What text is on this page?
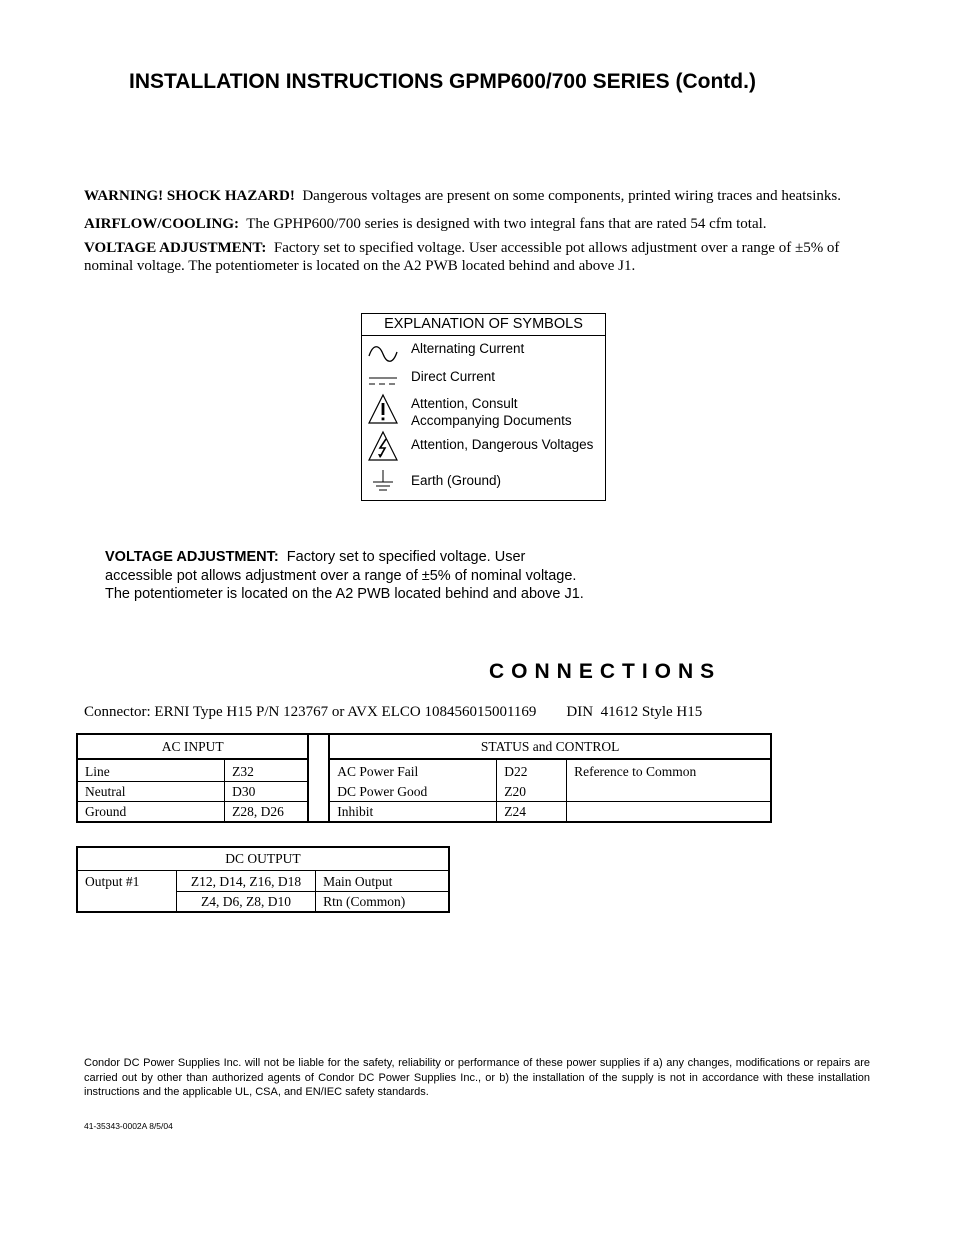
INSTALLATION INSTRUCTIONS GPMP600/700 SERIES (Contd.)
WARNING! SHOCK HAZARD! Dangerous voltages are present on some components, printed wiring traces and heatsinks.
AIRFLOW/COOLING: The GPHP600/700 series is designed with two integral fans that are rated 54 cfm total.
VOLTAGE ADJUSTMENT: Factory set to specified voltage. User accessible pot allows adjustment over a range of ±5% of nominal voltage. The potentiometer is located on the A2 PWB located behind and above J1.
EXPLANATION OF SYMBOLS
Alternating Current
Direct Current
Attention, Consult Accompanying Documents
Attention, Dangerous Voltages
Earth (Ground)
VOLTAGE ADJUSTMENT: Factory set to specified voltage. User
accessible pot allows adjustment over a range of ±5% of nominal voltage.
The potentiometer is located on the A2 PWB located behind and above J1.
CONNECTIONS
Connector: ERNI Type H15 P/N 123767 or AVX ELCO 108456015001169        DIN  41612 Style H15
AC INPUT			STATUS and CONTROL		
Line	Z32		AC Power Fail	D22	Reference to Common
Neutral	D30		DC Power Good	Z20	
Ground	Z28, D26		Inhibit	Z24	
DC OUTPUT		
Output #1	Z12, D14, Z16, D18	Main Output
	Z4, D6, Z8, D10	Rtn (Common)
Condor DC Power Supplies Inc. will not be liable for the safety, reliability or performance of these power supplies if a) any changes, modifications or repairs are carried out by other than authorized agents of Condor DC Power Supplies Inc., or b) the installation of the supply is not in accordance with these installation instructions and the applicable UL, CSA, and EN/IEC safety standards.
41-35343-0002A 8/5/04
